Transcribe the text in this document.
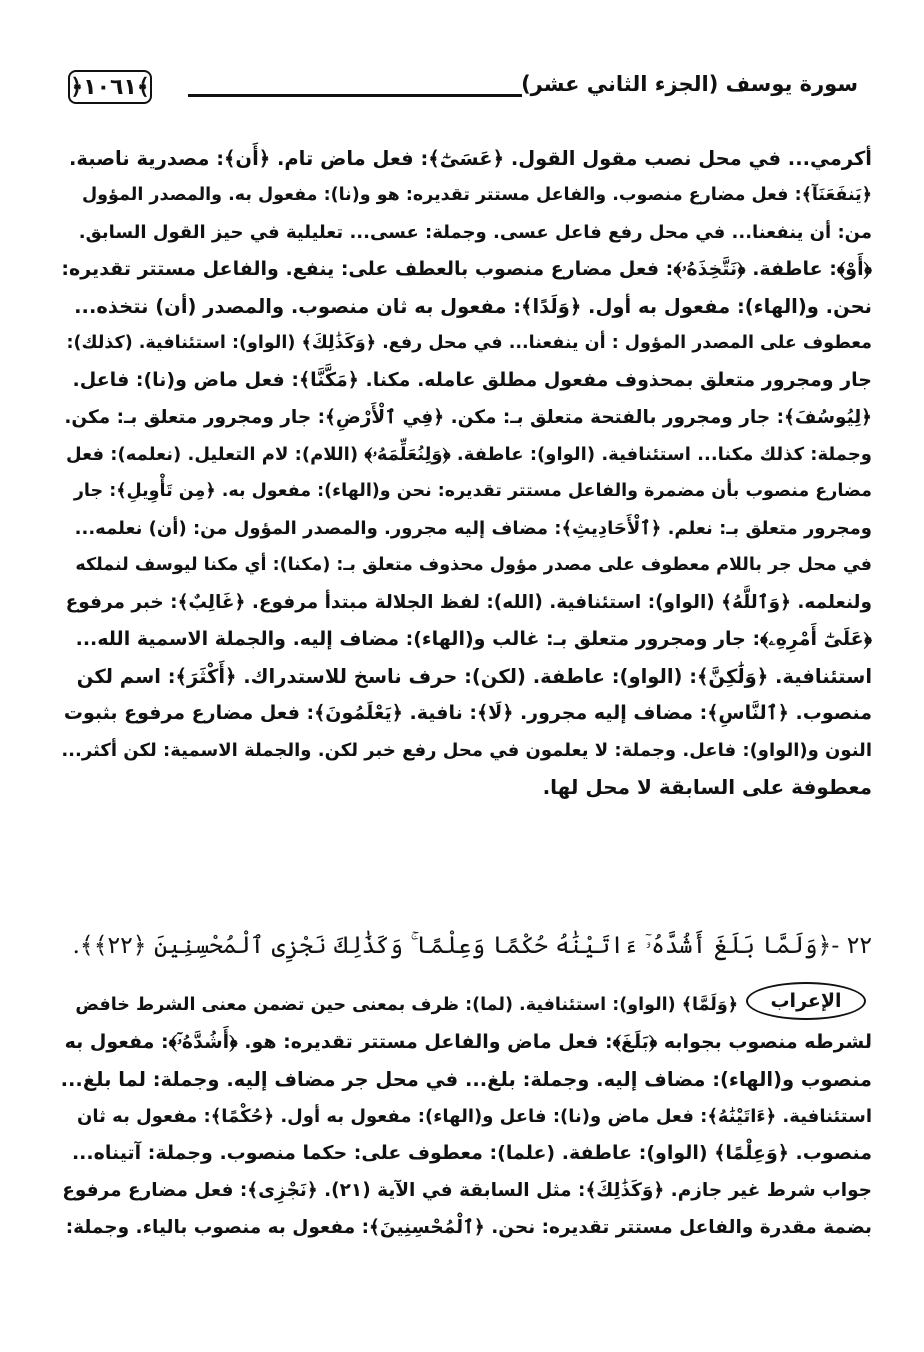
﴿١٠٦١﴾	سورة يوسف (الجزء الثاني عشر)
أكرمي... في محل نصب مقول القول. ﴿عَسَىٰٓ﴾: فعل ماض تام. ﴿أَن﴾: مصدرية ناصبة.
﴿يَنفَعَنَآ﴾: فعل مضارع منصوب. والفاعل مستتر تقديره: هو و(نا): مفعول به. والمصدر المؤول
من: أن ينفعنا... في محل رفع فاعل عسى. وجملة: عسى... تعليلية في حيز القول السابق.
﴿أَوْ﴾: عاطفة. ﴿نَتَّخِذَهُۥ﴾: فعل مضارع منصوب بالعطف على: ينفع. والفاعل مستتر تقديره:
نحن. و(الهاء): مفعول به أول. ﴿وَلَدًا﴾: مفعول به ثان منصوب. والمصدر (أن) نتخذه...
معطوف على المصدر المؤول : أن ينفعنا... في محل رفع. ﴿وَكَذَٰلِكَ﴾ (الواو): استئنافية. (كذلك):
جار ومجرور متعلق بمحذوف مفعول مطلق عامله. مكنا. ﴿مَكَّنَّا﴾: فعل ماض و(نا): فاعل.
﴿لِيُوسُفَ﴾: جار ومجرور بالفتحة متعلق بـ: مكن. ﴿فِي ٱلْأَرْضِ﴾: جار ومجرور متعلق بـ: مكن.
وجملة: كذلك مكنا... استئنافية. (الواو): عاطفة. ﴿وَلِنُعَلِّمَهُۥ﴾ (اللام): لام التعليل. (نعلمه): فعل
مضارع منصوب بأن مضمرة والفاعل مستتر تقديره: نحن و(الهاء): مفعول به. ﴿مِن تَأْوِيلِ﴾: جار
ومجرور متعلق بـ: نعلم. ﴿ٱلْأَحَادِيثِ﴾: مضاف إليه مجرور. والمصدر المؤول من: (أن) نعلمه...
في محل جر باللام معطوف على مصدر مؤول محذوف متعلق بـ: (مكنا): أي مكنا ليوسف لنملكه
ولنعلمه. ﴿وَٱللَّهُ﴾ (الواو): استئنافية. (الله): لفظ الجلالة مبتدأ مرفوع. ﴿غَالِبٌ﴾: خبر مرفوع
﴿عَلَىٰٓ أَمْرِهِۦ﴾: جار ومجرور متعلق بـ: غالب و(الهاء): مضاف إليه. والجملة الاسمية الله...
استئنافية. ﴿وَلَٰكِنَّ﴾: (الواو): عاطفة. (لكن): حرف ناسخ للاستدراك. ﴿أَكْثَرَ﴾: اسم لكن
منصوب. ﴿ٱلنَّاسِ﴾: مضاف إليه مجرور. ﴿لَا﴾: نافية. ﴿يَعْلَمُونَ﴾: فعل مضارع مرفوع بثبوت
النون و(الواو): فاعل. وجملة: لا يعلمون في محل رفع خبر لكن. والجملة الاسمية: لكن أكثر...
معطوفة على السابقة لا محل لها.
٢٢ -﴿وَلَمَّا بَلَغَ أَشُدَّهُۥٓ ءَاتَيْنَٰهُ حُكْمًا وَعِلْمًا ۚ وَكَذَٰلِكَ نَجْزِى ٱلْمُحْسِنِينَ ﴿٢٢﴾﴾.
الإعراب
﴿وَلَمَّا﴾ (الواو): استئنافية. (لما): ظرف بمعنى حين تضمن معنى الشرط خافض
لشرطه منصوب بجوابه ﴿بَلَغَ﴾: فعل ماض والفاعل مستتر تقديره: هو. ﴿أَشُدَّهُۥٓ﴾: مفعول به
منصوب و(الهاء): مضاف إليه. وجملة: بلغ... في محل جر مضاف إليه. وجملة: لما بلغ...
استئنافية. ﴿ءَاتَيْنَٰهُ﴾: فعل ماض و(نا): فاعل و(الهاء): مفعول به أول. ﴿حُكْمًا﴾: مفعول به ثان
منصوب. ﴿وَعِلْمًا﴾ (الواو): عاطفة. (علما): معطوف على: حكما منصوب. وجملة: آتيناه...
جواب شرط غير جازم. ﴿وَكَذَٰلِكَ﴾: مثل السابقة في الآية (٢١). ﴿نَجْزِى﴾: فعل مضارع مرفوع
بضمة مقدرة والفاعل مستتر تقديره: نحن. ﴿ٱلْمُحْسِنِينَ﴾: مفعول به منصوب بالياء. وجملة:
